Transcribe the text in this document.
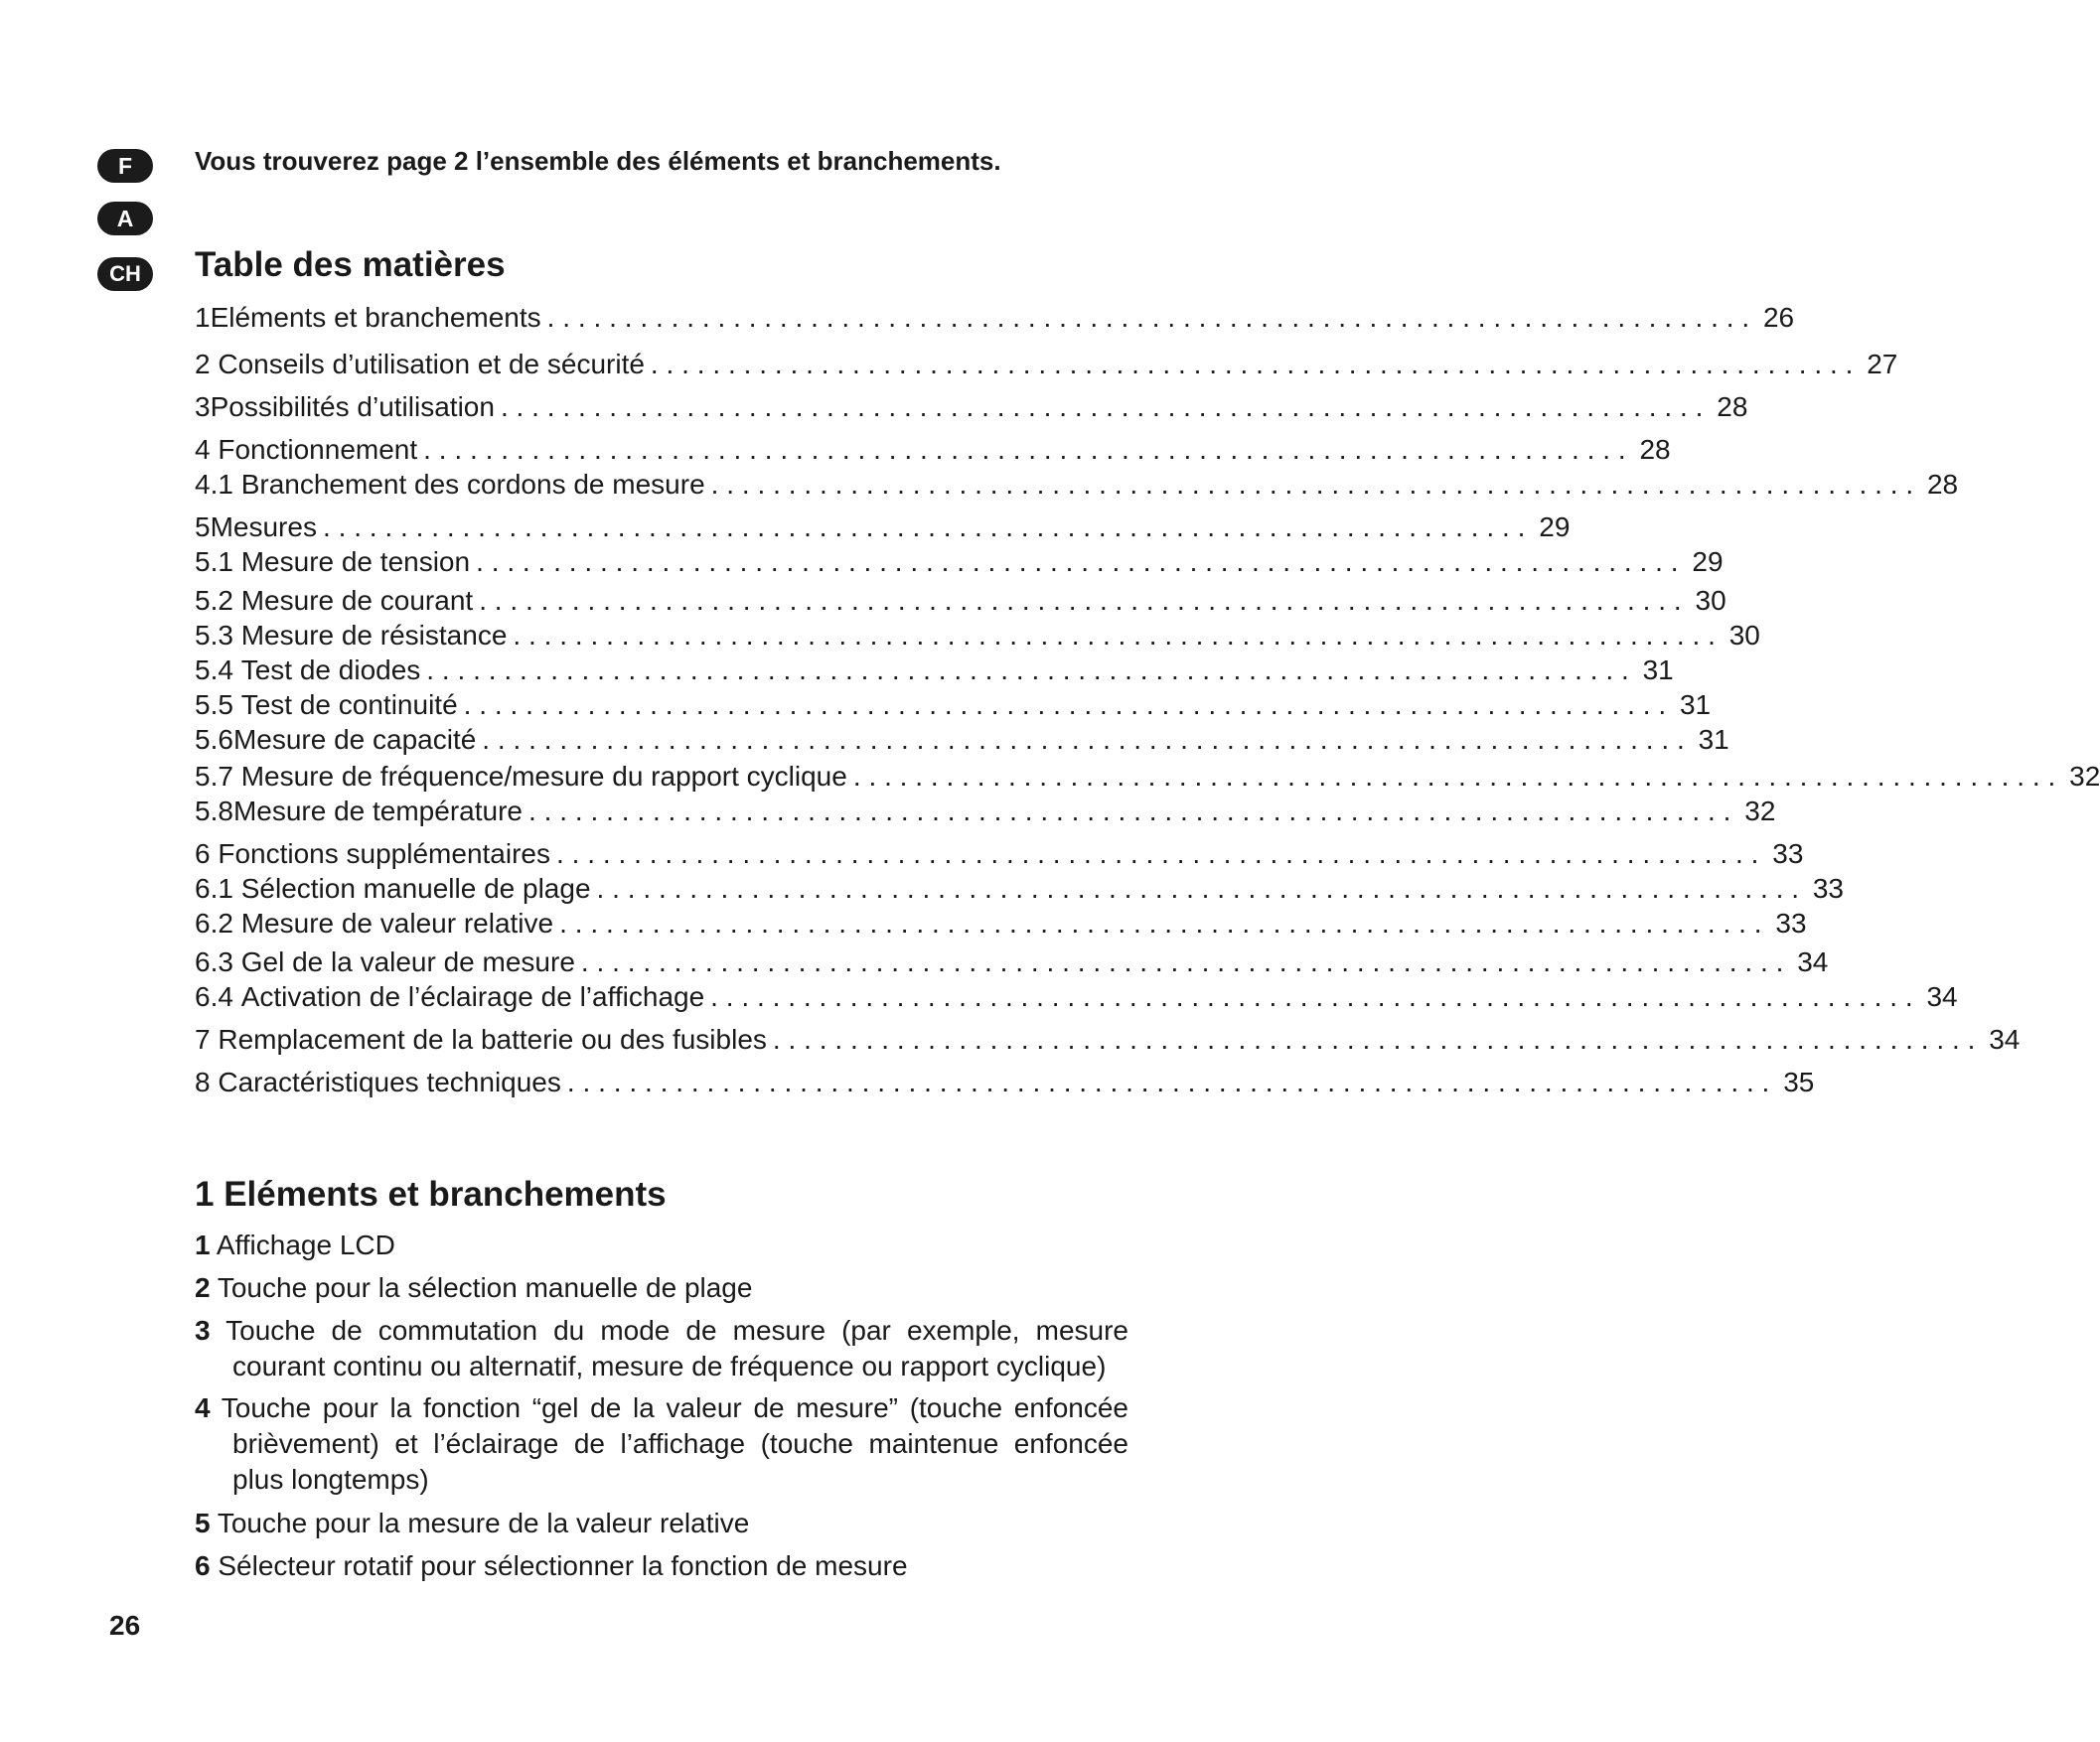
F
A
CH
Vous trouverez page 2 l’ensemble des éléments et branchements.
Table des matières
1 Eléments et branchements .............................................................................. 26
2
Conseils d’utilisation et de sécurité .............................................................................. 27
3 Possibilités d’utilisation .............................................................................. 28
4
Fonctionnement .............................................................................. 28
4.1
Branchement des cordons de mesure .............................................................................. 28
5 Mesures .............................................................................. 29
5.1
Mesure de tension .............................................................................. 29
5.2
Mesure de courant .............................................................................. 30
5.3
Mesure de résistance .............................................................................. 30
5.4
Test de diodes .............................................................................. 31
5.5
Test de continuité .............................................................................. 31
5.6 Mesure de capacité .............................................................................. 31
5.7
Mesure de fréquence/mesure du rapport cyclique .............................................................................. 32
5.8 Mesure de température .............................................................................. 32
6
Fonctions supplémentaires .............................................................................. 33
6.1
Sélection manuelle de plage .............................................................................. 33
6.2
Mesure de valeur relative .............................................................................. 33
6.3
Gel de la valeur de mesure .............................................................................. 34
6.4
Activation de l’éclairage de l’affichage .............................................................................. 34
7
Remplacement de la batterie ou des fusibles .............................................................................. 34
8
Caractéristiques techniques .............................................................................. 35
1 Eléments et branchements
1 Affichage LCD
2 Touche pour la sélection manuelle de plage
3 Touche de commutation du mode de mesure (par exemple, mesure
courant continu ou alternatif, mesure de fréquence ou rapport cyclique)
4 Touche pour la fonction “gel de la valeur de mesure” (touche enfoncée
brièvement) et l’éclairage de l’affichage (touche maintenue enfoncée
plus longtemps)
5 Touche pour la mesure de la valeur relative
6 Sélecteur rotatif pour sélectionner la fonction de mesure
26
